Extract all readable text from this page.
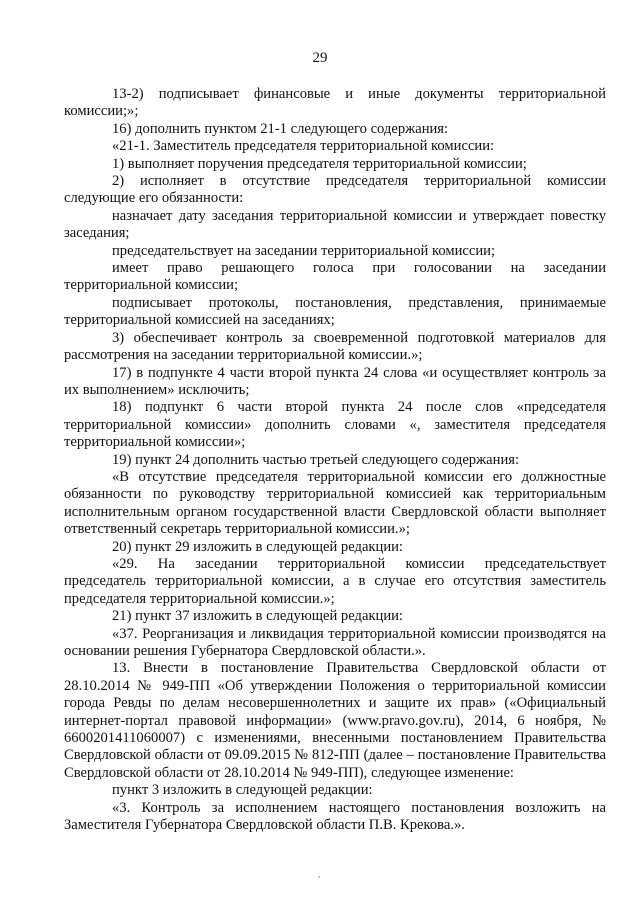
29

13-2) подписывает финансовые и иные документы территориальной комиссии;»;

16) дополнить пунктом 21-1 следующего содержания:

«21-1. Заместитель председателя территориальной комиссии:

1) выполняет поручения председателя территориальной комиссии;

2) исполняет в отсутствие председателя территориальной комиссии следующие его обязанности:

назначает дату заседания территориальной комиссии и утверждает повестку заседания;

председательствует на заседании территориальной комиссии;

имеет право решающего голоса при голосовании на заседании территориальной комиссии;

подписывает протоколы, постановления, представления, принимаемые территориальной комиссией на заседаниях;

3) обеспечивает контроль за своевременной подготовкой материалов для рассмотрения на заседании территориальной комиссии.»;

17) в подпункте 4 части второй пункта 24 слова «и осуществляет контроль за их выполнением» исключить;

18) подпункт 6 части второй пункта 24 после слов «председателя территориальной комиссии» дополнить словами «, заместителя председателя территориальной комиссии»;

19) пункт 24 дополнить частью третьей следующего содержания:

«В отсутствие председателя территориальной комиссии его должностные обязанности по руководству территориальной комиссией как территориальным исполнительным органом государственной власти Свердловской области выполняет ответственный секретарь территориальной комиссии.»;

20) пункт 29 изложить в следующей редакции:

«29. На заседании территориальной комиссии председательствует председатель территориальной комиссии, а в случае его отсутствия заместитель председателя территориальной комиссии.»;

21) пункт 37 изложить в следующей редакции:

«37. Реорганизация и ликвидация территориальной комиссии производятся на основании решения Губернатора Свердловской области.».

13. Внести в постановление Правительства Свердловской области от 28.10.2014 № 949-ПП «Об утверждении Положения о территориальной комиссии города Ревды по делам несовершеннолетних и защите их прав» («Официальный интернет-портал правовой информации» (www.pravo.gov.ru), 2014, 6 ноября, № 6600201411060007) с изменениями, внесенными постановлением Правительства Свердловской области от 09.09.2015 № 812-ПП (далее – постановление Правительства Свердловской области от 28.10.2014 № 949-ПП), следующее изменение:

пункт 3 изложить в следующей редакции:

«3. Контроль за исполнением настоящего постановления возложить на Заместителя Губернатора Свердловской области П.В. Крекова.».
